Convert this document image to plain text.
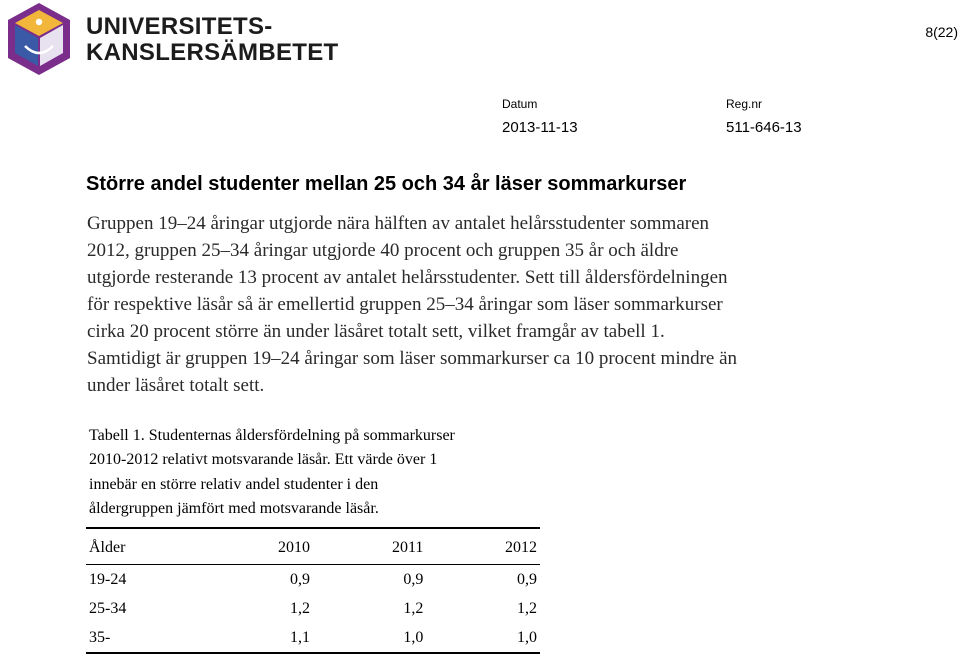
UNIVERSITETS-
KANSLERSÄMBETET
8(22)
Datum	Reg.nr
2013-11-13	511-646-13
Större andel studenter mellan 25 och 34 år läser sommarkurser
Gruppen 19–24 åringar utgjorde nära hälften av antalet helårsstudenter sommaren
2012, gruppen 25–34 åringar utgjorde 40 procent och gruppen 35 år och äldre
utgjorde resterande 13 procent av antalet helårsstudenter. Sett till åldersfördelningen
för respektive läsår så är emellertid gruppen 25–34 åringar som läser sommarkurser
cirka 20 procent större än under läsåret totalt sett, vilket framgår av tabell 1.
Samtidigt är gruppen 19–24 åringar som läser sommarkurser ca 10 procent mindre än
under läsåret totalt sett.
Tabell 1. Studenternas åldersfördelning på sommarkurser
2010-2012 relativt motsvarande läsår. Ett värde över 1
innebär en större relativ andel studenter i den
åldergruppen jämfört med motsvarande läsår.
Ålder	2010	2011	2012
19-24	0,9	0,9	0,9
25-34	1,2	1,2	1,2
35-	1,1	1,0	1,0
